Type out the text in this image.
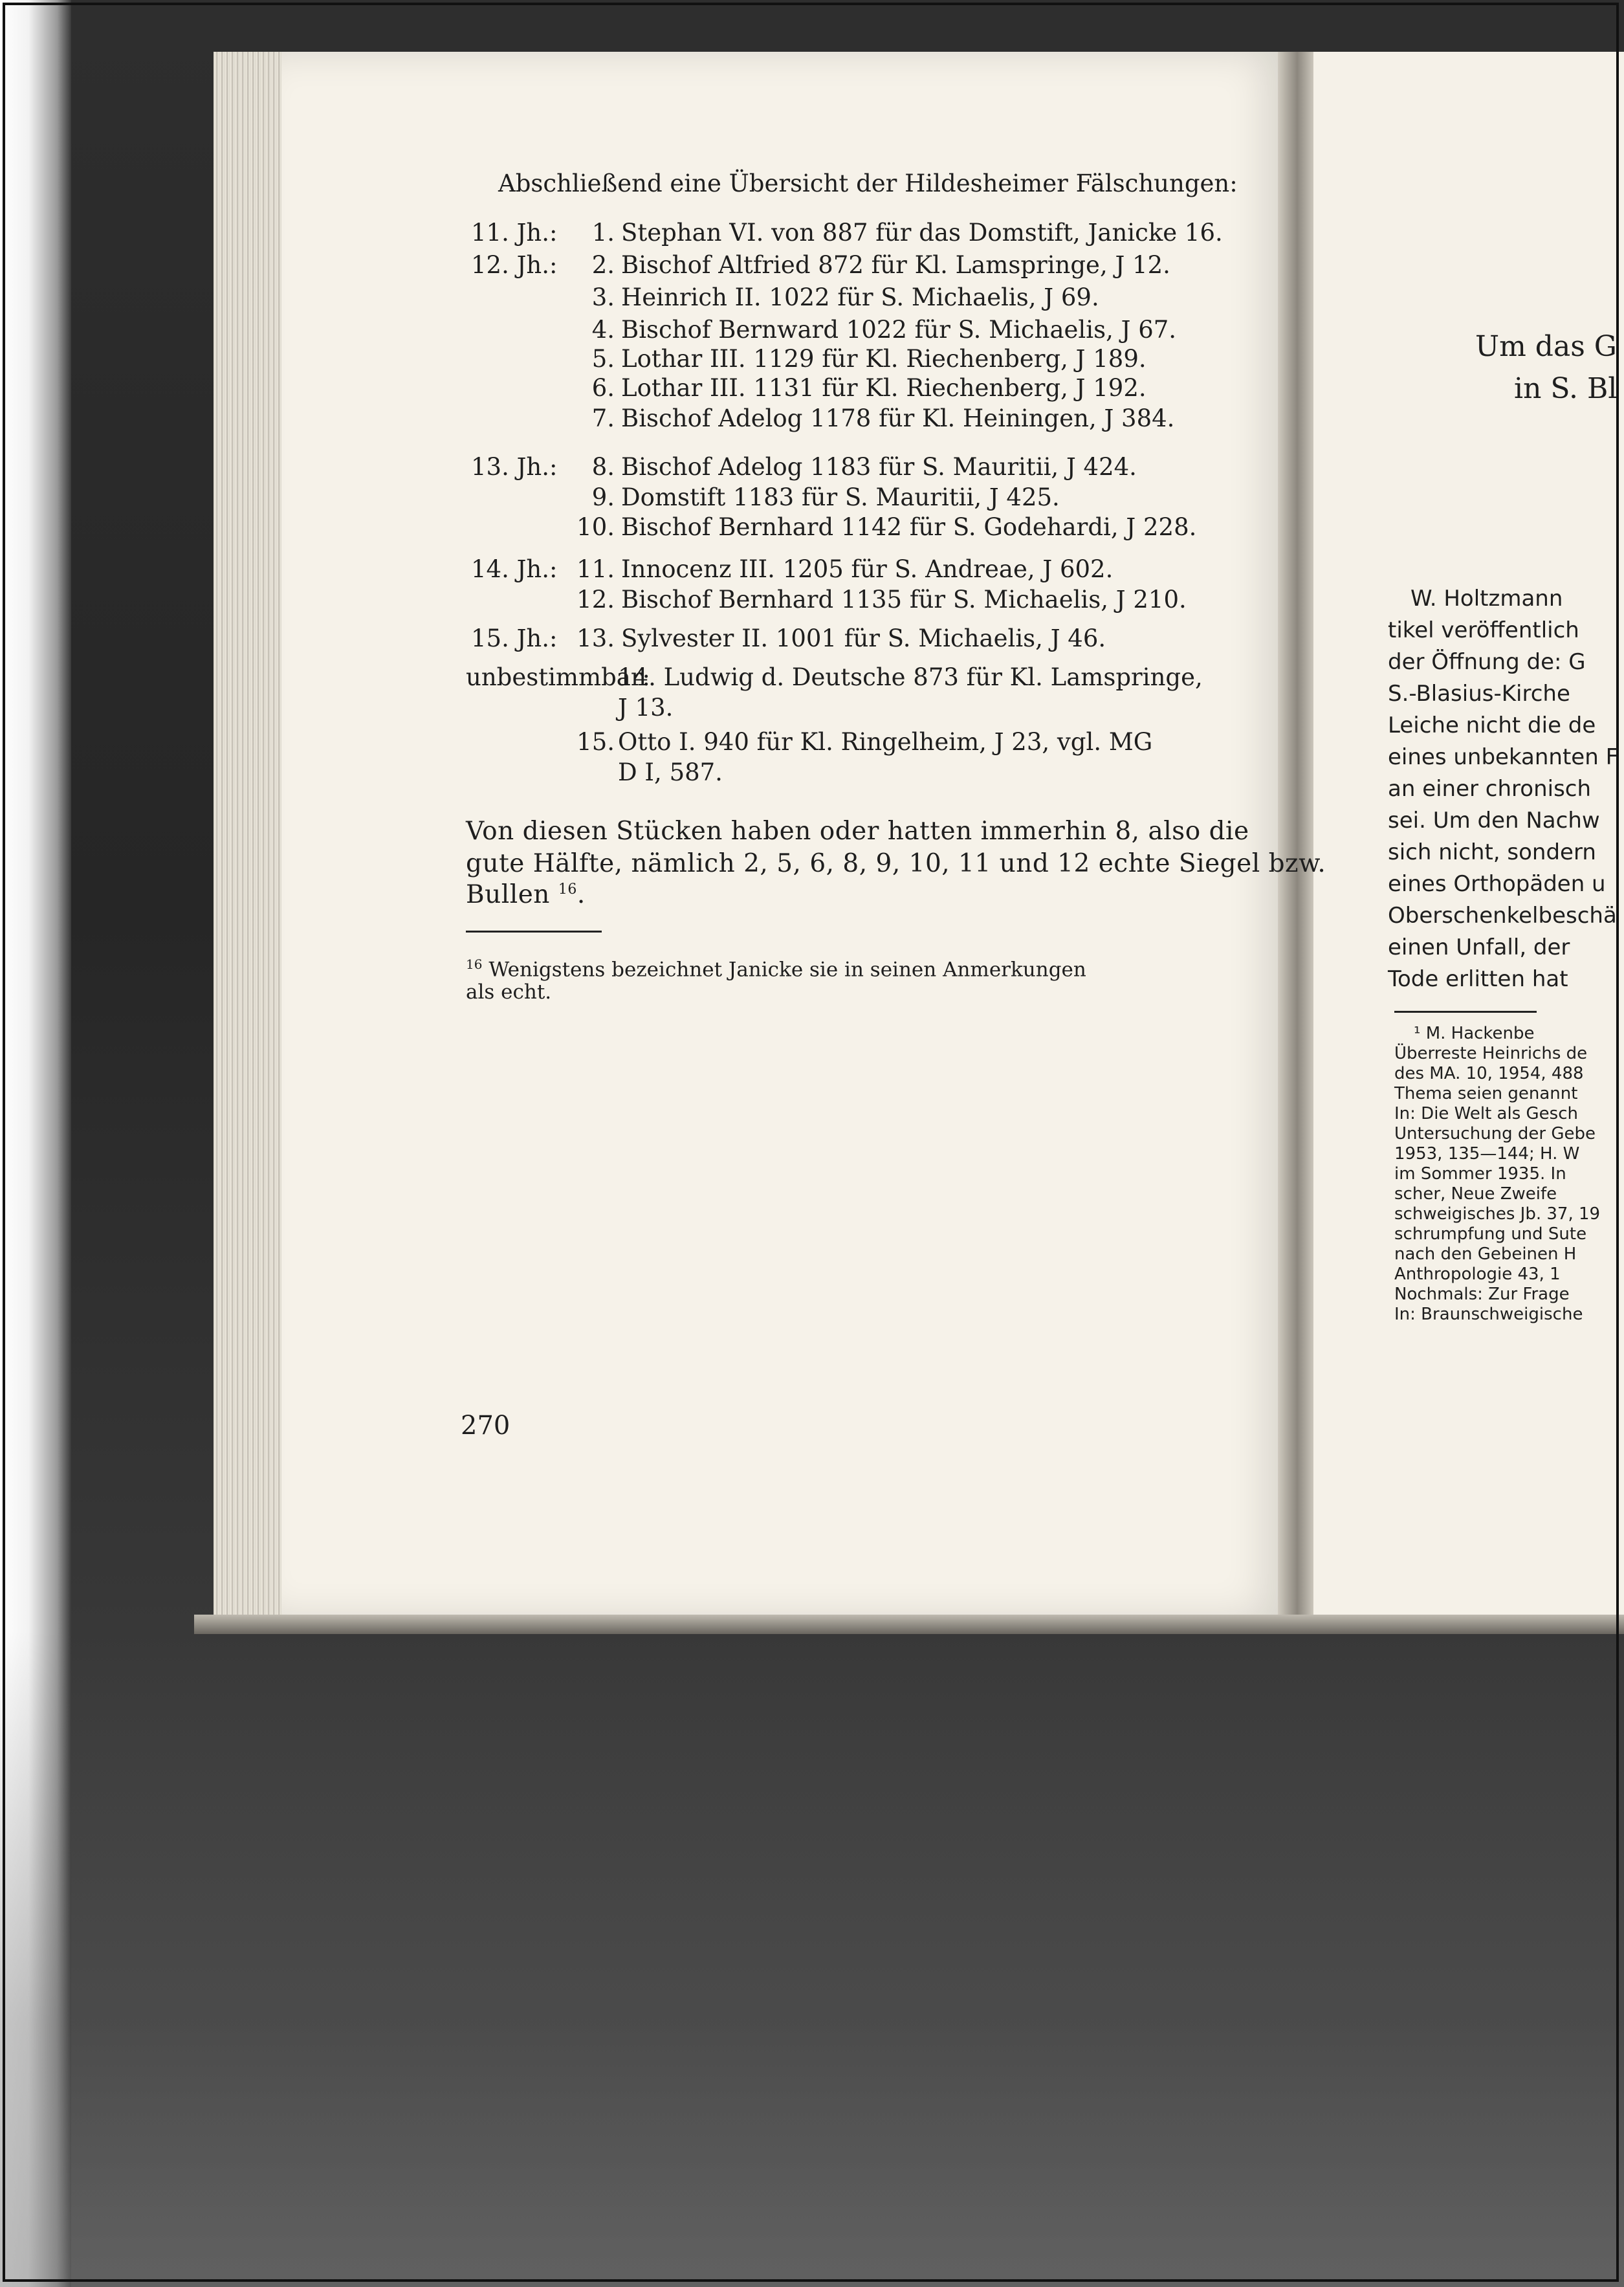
Abschließend eine Übersicht der Hildesheimer Fälschungen:
11. Jh.:	1. Stephan VI. von 887 für das Domstift, Janicke 16.
12. Jh.:	2. Bischof Altfried 872 für Kl. Lamspringe, J 12.
3. Heinrich II. 1022 für S. Michaelis, J 69.
4. Bischof Bernward 1022 für S. Michaelis, J 67.
5. Lothar III. 1129 für Kl. Riechenberg, J 189.
6. Lothar III. 1131 für Kl. Riechenberg, J 192.
7. Bischof Adelog 1178 für Kl. Heiningen, J 384.
13. Jh.:	8. Bischof Adelog 1183 für S. Mauritii, J 424.
9. Domstift 1183 für S. Mauritii, J 425.
10. Bischof Bernhard 1142 für S. Godehardi, J 228.
14. Jh.: 11. Innocenz III. 1205 für S. Andreae, J 602.
12. Bischof Bernhard 1135 für S. Michaelis, J 210.
15. Jh.: 13. Sylvester II. 1001 für S. Michaelis, J 46.
unbestimmbar:
14. Ludwig d. Deutsche 873 für Kl. Lamspringe,
J 13.
15. Otto I. 940 für Kl. Ringelheim, J 23, vgl. MG
D I, 587.
Von diesen Stücken haben oder hatten immerhin 8, also die
gute Hälfte, nämlich 2, 5, 6, 8, 9, 10, 11 und 12 echte Siegel bzw.
Bullen $^{16}$.
$^{16}$ Wenigstens bezeichnet Janicke sie in seinen Anmerkungen
als echt.
270
Um das G
in S. Bl
W. Holtzmann
tikel veröffentlich
der Öffnung de: G
S.-Blasius-Kirche
Leiche nicht die de
eines unbekannten F
an einer chronisch
sei. Um den Nachw
sich nicht, sondern
eines Orthopäden u
Oberschenkelbeschä
einen Unfall, der
Tode erlitten hat
¹ M. Hackenbe
Überreste Heinrichs de
des MA. 10, 1954, 488
Thema seien genannt
In: Die Welt als Gesch
Untersuchung der Gebe
1953, 135—144; H. W
im Sommer 1935. In
scher, Neue Zweife
schweigisches Jb. 37, 19
schrumpfung und Sute
nach den Gebeinen H
Anthropologie 43, 1
Nochmals: Zur Frage
In: Braunschweigische
